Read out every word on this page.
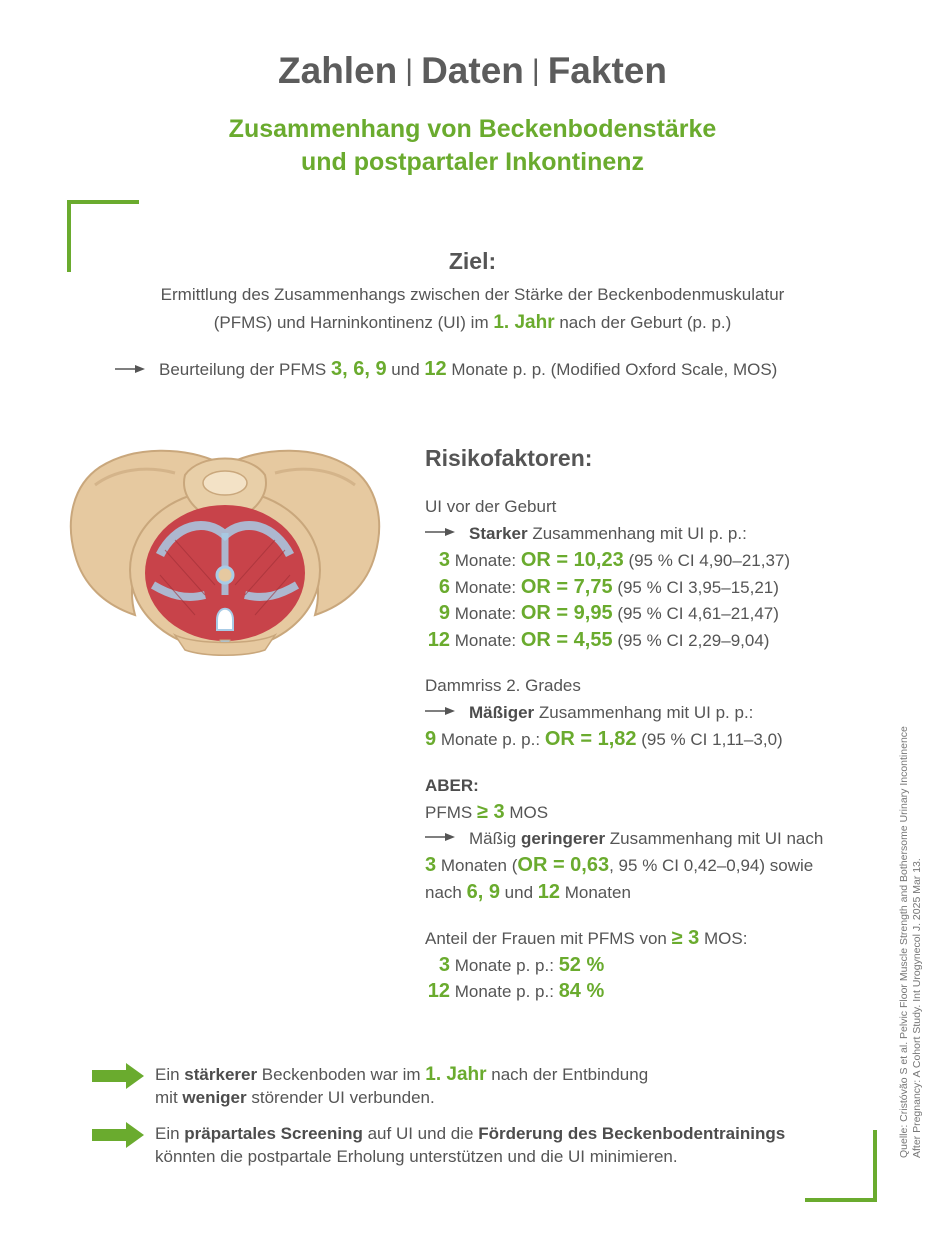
Zahlen | Daten | Fakten
Zusammenhang von Beckenbodenstärke
und postpartaler Inkontinenz
Ziel:
Ermittlung des Zusammenhangs zwischen der Stärke der Beckenbodenmuskulatur
(PFMS) und Harninkontinenz (UI) im 1. Jahr nach der Geburt (p. p.)
Beurteilung der PFMS 3, 6, 9 und 12 Monate p. p. (Modified Oxford Scale, MOS)
Risikofaktoren:
UI vor der Geburt
Starker Zusammenhang mit UI p. p.:
3 Monate: OR = 10,23 (95 % CI 4,90–21,37)
6 Monate: OR = 7,75 (95 % CI 3,95–15,21)
9 Monate: OR = 9,95 (95 % CI 4,61–21,47)
12 Monate: OR = 4,55 (95 % CI 2,29–9,04)
Dammriss 2. Grades
Mäßiger Zusammenhang mit UI p. p.:
9 Monate p. p.: OR = 1,82 (95 % CI 1,11–3,0)
ABER:
PFMS ≥ 3 MOS
Mäßig geringerer Zusammenhang mit UI nach
3 Monaten (OR = 0,63, 95 % CI 0,42–0,94) sowie
nach 6, 9 und 12 Monaten
Anteil der Frauen mit PFMS von ≥ 3 MOS:
3 Monate p. p.: 52 %
12 Monate p. p.: 84 %
Ein stärkerer Beckenboden war im 1. Jahr nach der Entbindung
mit weniger störender UI verbunden.
Ein präpartales Screening auf UI und die Förderung des Beckenbodentrainings
könnten die postpartale Erholung unterstützen und die UI minimieren.	Quelle: Cristóvão S et al. Pelvic Floor Muscle Strength and Bothersome Urinary Incontinence After Pregnancy: A Cohort Study. Int Urogynecol J. 2025 Mar 13.
